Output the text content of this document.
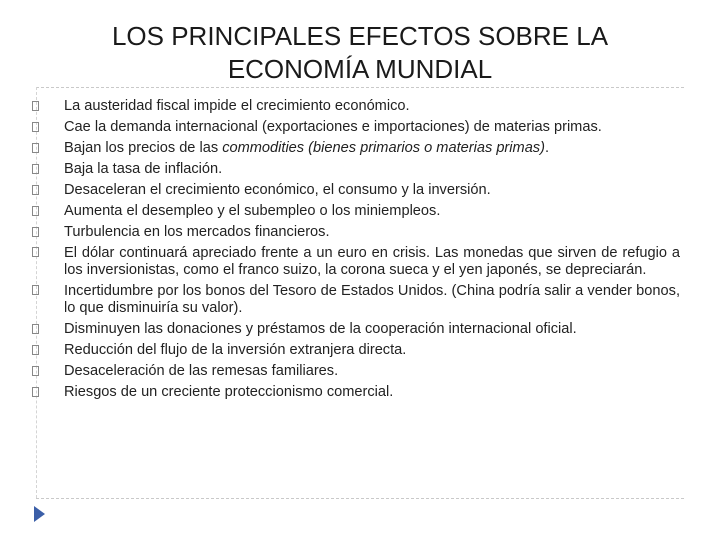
LOS PRINCIPALES EFECTOS SOBRE LA
ECONOMÍA MUNDIAL
La austeridad fiscal impide el crecimiento económico.
Cae la demanda internacional (exportaciones e importaciones) de materias primas.
Bajan los precios de las commodities (bienes primarios o materias primas).
Baja la tasa de inflación.
Desaceleran el crecimiento económico, el consumo y la inversión.
Aumenta el desempleo y el subempleo o los miniempleos.
Turbulencia en los mercados financieros.
El dólar continuará apreciado frente a un euro en crisis. Las monedas que sirven de refugio a los inversionistas, como el franco suizo, la corona sueca y el yen japonés, se depreciarán.
Incertidumbre por los bonos del Tesoro de Estados Unidos. (China podría salir a vender bonos, lo que disminuiría su valor).
Disminuyen las donaciones y préstamos de la cooperación internacional oficial.
Reducción del flujo de la inversión extranjera directa.
Desaceleración de las remesas familiares.
Riesgos de un creciente proteccionismo comercial.
